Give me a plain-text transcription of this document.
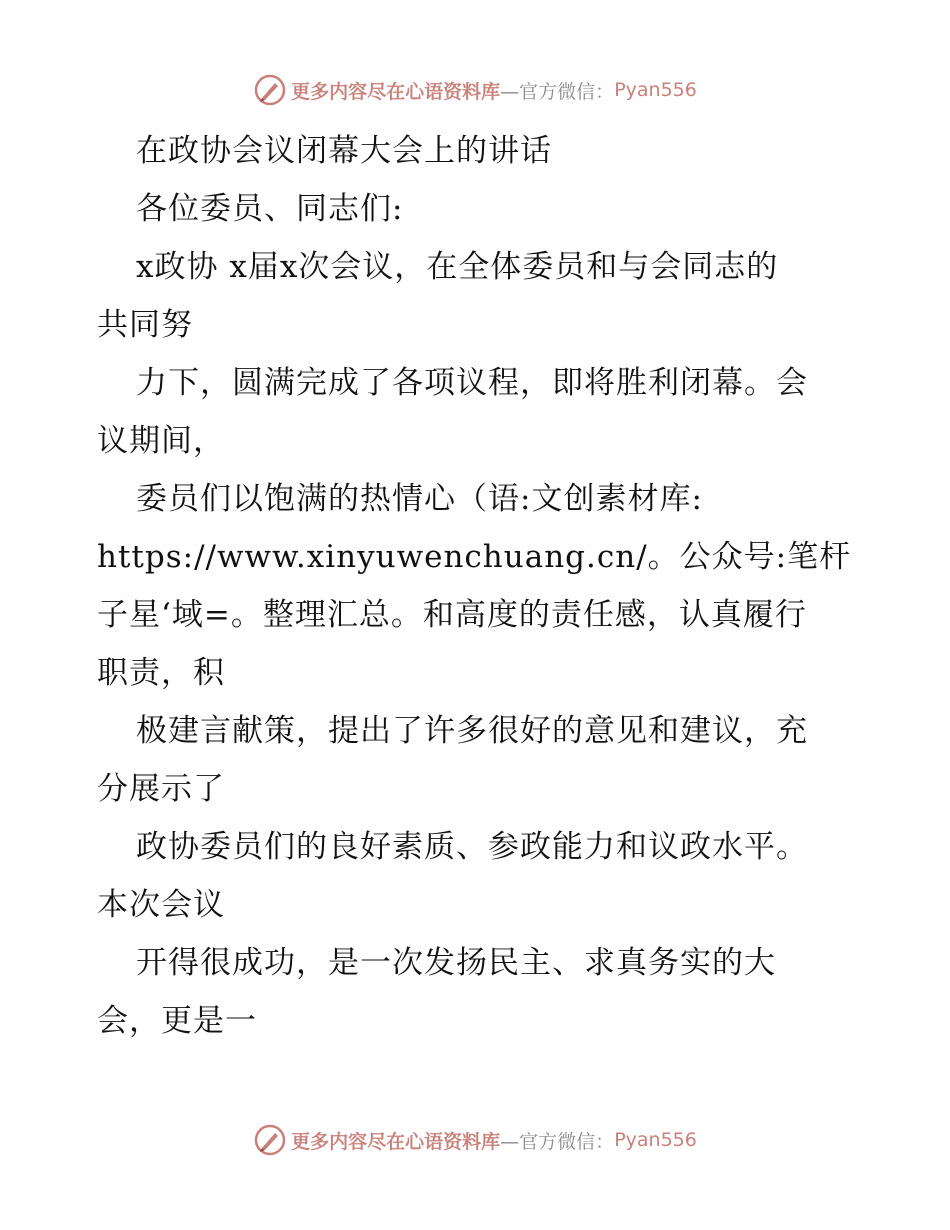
更多内容尽在心语资料库 —官方微信： Pyan556

在政协会议闭幕大会上的讲话

各位委员、同志们:

x政协 x届x次会议，在全体委员和与会同志的

共同努

力下，圆满完成了各项议程，即将胜利闭幕。会

议期间，

委员们以饱满的热情心（语:文创素材库:

https://www.xinyuwenchuang.cn/。公众号:笔杆

子星‘域=。整理汇总。和高度的责任感，认真履行

职责，积

极建言献策，提出了许多很好的意见和建议，充

分展示了

政协委员们的良好素质、参政能力和议政水平。

本次会议

开得很成功，是一次发扬民主、求真务实的大

会，更是一

更多内容尽在心语资料库 —官方微信： Pyan556
